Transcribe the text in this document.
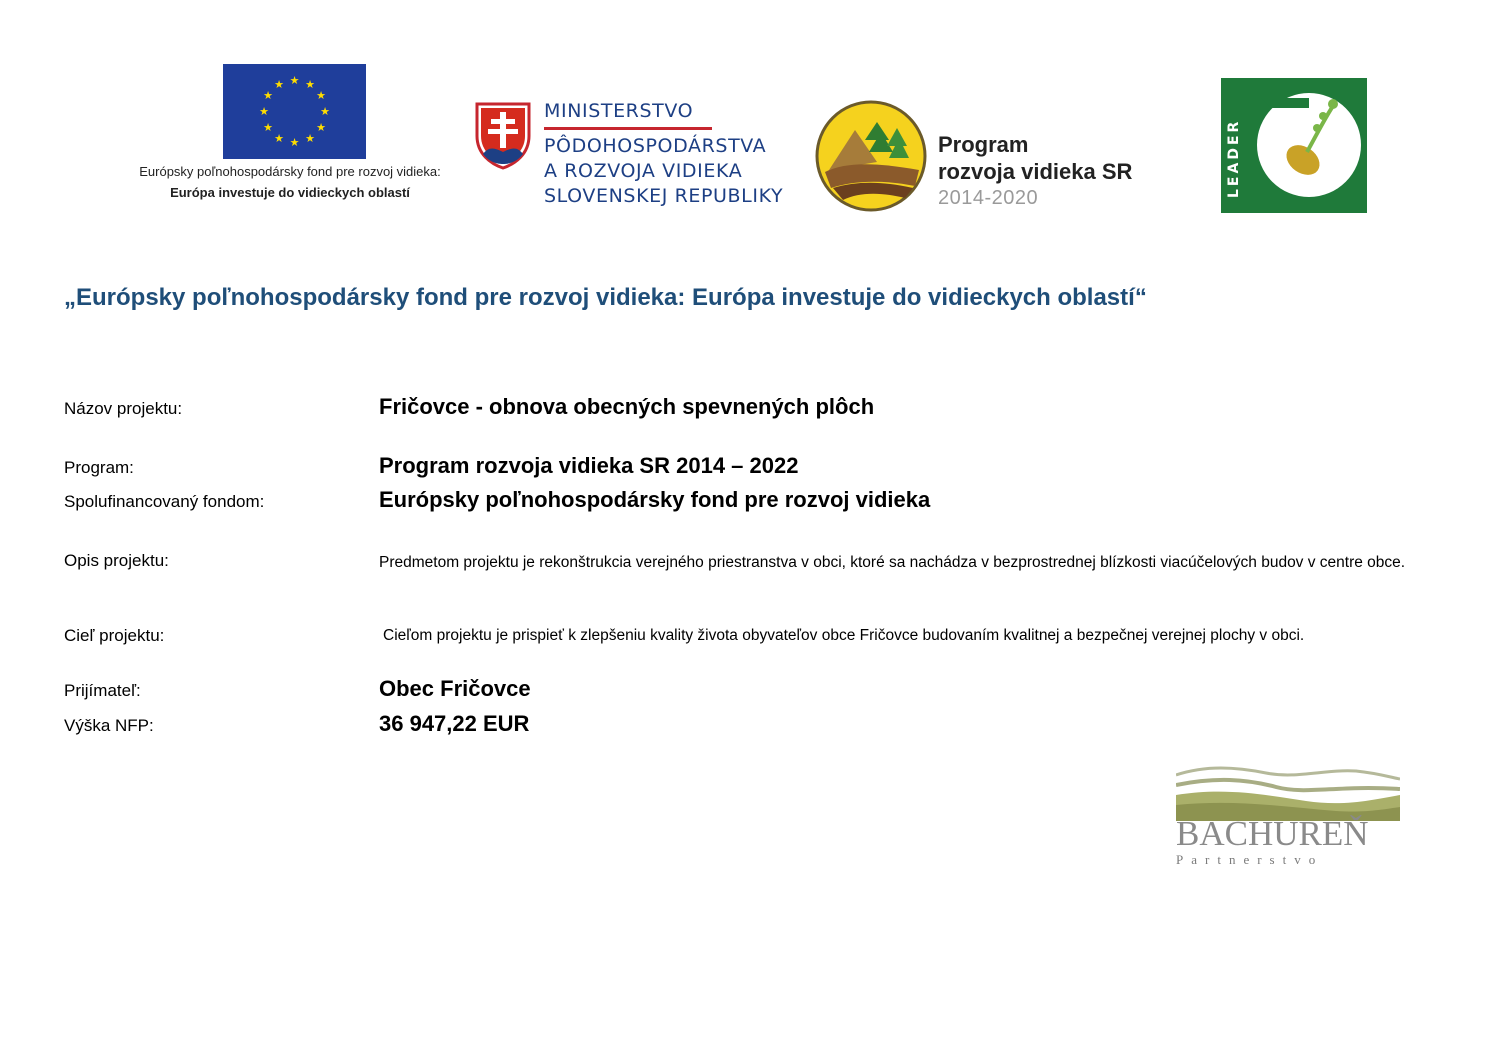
★ ★
★
★
★
★
★
★
★
★
★
★
Európsky poľnohospodársky fond pre rozvoj vidieka:
Európa investuje do vidieckych oblastí
MINISTERSTVO
PÔDOHOSPODÁRSTVA
A ROZVOJA VIDIEKA
SLOVENSKEJ REPUBLIKY
Program
rozvoja vidieka SR
2014-2020	LEADER
„Európsky poľnohospodársky fond pre rozvoj vidieka: Európa investuje do vidieckych oblastí“
Názov projektu:	Fričovce - obnova obecných spevnených plôch
Program:	Program rozvoja vidieka SR 2014 – 2022
Spolufinancovaný fondom:	Európsky poľnohospodársky fond pre rozvoj vidieka
Opis projektu:	Predmetom projektu je rekonštrukcia verejného priestranstva v obci, ktoré sa nachádza v bezprostrednej blízkosti viacúčelových budov v centre obce.
Cieľ projektu:	Cieľom projektu je prispieť k zlepšeniu kvality života obyvateľov obce Fričovce budovaním kvalitnej a bezpečnej verejnej plochy v obci.
Prijímateľ:	Obec Fričovce
Výška NFP:	36 947,22 EUR
BACHUREŇ
Partnerstvo
